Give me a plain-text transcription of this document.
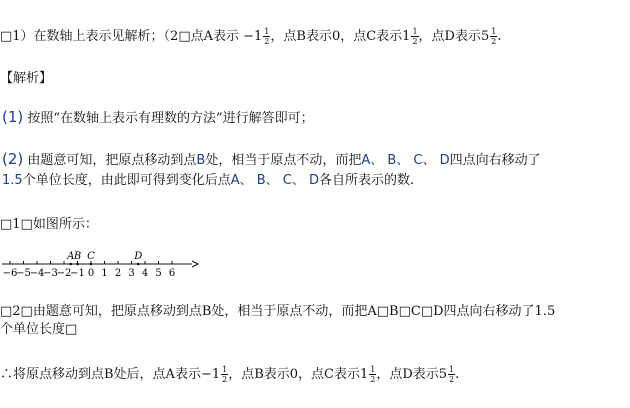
□1）在数轴上表示见解析；（2□点A表示 $-1 \frac{1}{2}$ ，点B表示0，点C表示$1 \frac{1}{2}$ ，点D表示$5 \frac{1}{2}$ .
【解析】
(1) 按照“在数轴上表示有理数的方法”进行解答即可；
(2) 由题意可知，把原点移动到点B处，相当于原点不动，而把A、 B、 C、 D四点向右移动了
1.5个单位长度，由此即可得到变化后点A、 B、 C、 D各自所表示的数.
□1□如图所示：
−6
−5
−4
−3
−2
−1 0 1 2 3 4 5 6
A B C	D
□2□由题意可知，把原点移动到点B处，相当于原点不动，而把A□B□C□D四点向右移动了1.5
个单位长度□
∴将原点移动到点B处后，点A表示$-1 \frac{1}{2}$ ，点B表示0，点C表示$1 \frac{1}{2}$ ，点D表示$5 \frac{1}{2}$ .
